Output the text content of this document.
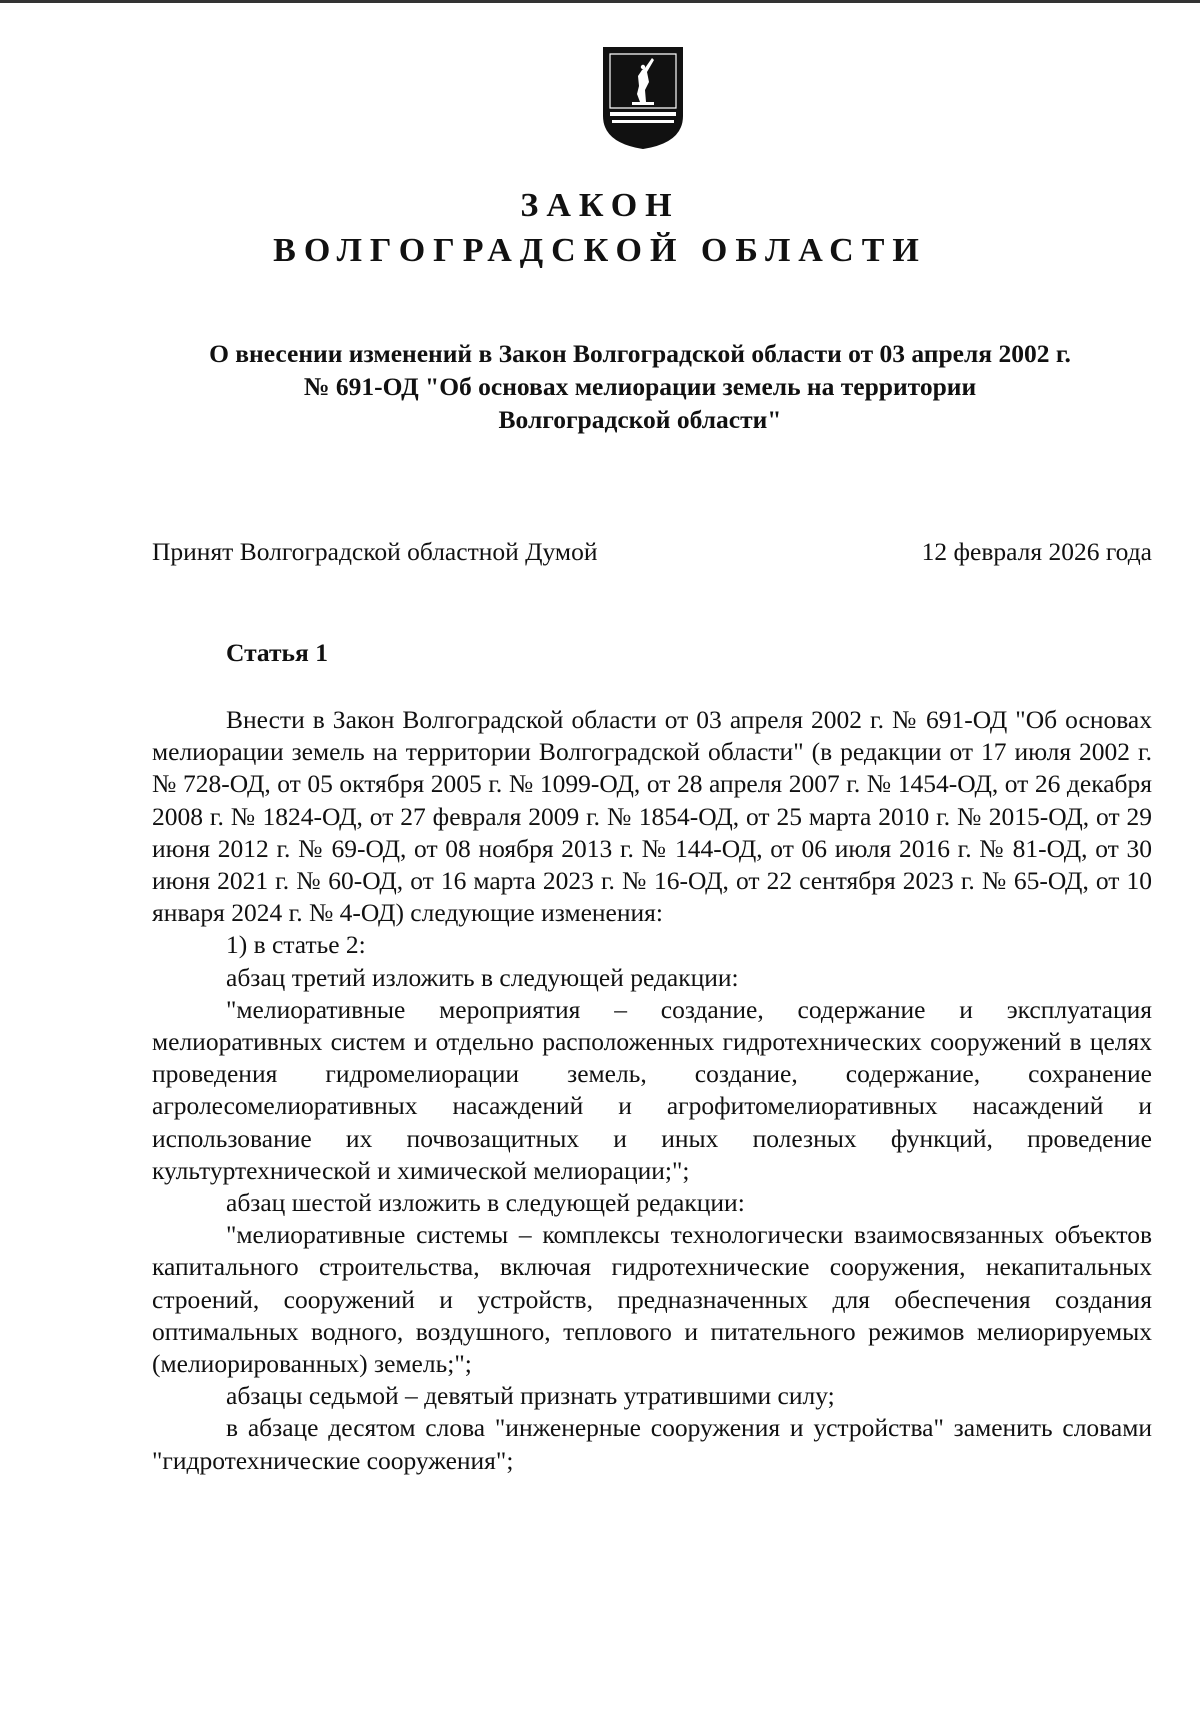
ЗАКОН
ВОЛГОГРАДСКОЙ ОБЛАСТИ
О внесении изменений в Закон Волгоградской области от 03 апреля 2002 г.
№ 691-ОД "Об основах мелиорации земель на территории
Волгоградской области"
Принят Волгоградской областной Думой	12 февраля 2026 года
Статья 1

Внести в Закон Волгоградской области от 03 апреля 2002 г. № 691-ОД "Об основах мелиорации земель на территории Волгоградской области" (в редакции от 17 июля 2002 г. № 728-ОД, от 05 октября 2005 г. № 1099-ОД, от 28 апреля 2007 г. № 1454-ОД, от 26 декабря 2008 г. № 1824-ОД, от 27 февраля 2009 г. № 1854-ОД, от 25 марта 2010 г. № 2015-ОД, от 29 июня 2012 г. № 69-ОД, от 08 ноября 2013 г. № 144-ОД, от 06 июля 2016 г. № 81-ОД, от 30 июня 2021 г. № 60-ОД, от 16 марта 2023 г. № 16-ОД, от 22 сентября 2023 г. № 65-ОД, от 10 января 2024 г. № 4-ОД) следующие изменения:

1) в статье 2:

абзац третий изложить в следующей редакции:

"мелиоративные мероприятия – создание, содержание и эксплуатация мелиоративных систем и отдельно расположенных гидротехнических сооружений в целях проведения гидромелиорации земель, создание, содержание, сохранение агролесомелиоративных насаждений и агрофитомелиоративных насаждений и использование их почвозащитных и иных полезных функций, проведение культуртехнической и химической мелиорации;";

абзац шестой изложить в следующей редакции:

"мелиоративные системы – комплексы технологически взаимосвязанных объектов капитального строительства, включая гидротехнические сооружения, некапитальных строений, сооружений и устройств, предназначенных для обеспечения создания оптимальных водного, воздушного, теплового и питательного режимов мелиорируемых (мелиорированных) земель;";

абзацы седьмой – девятый признать утратившими силу;

в абзаце десятом слова "инженерные сооружения и устройства" заменить словами "гидротехнические сооружения";
